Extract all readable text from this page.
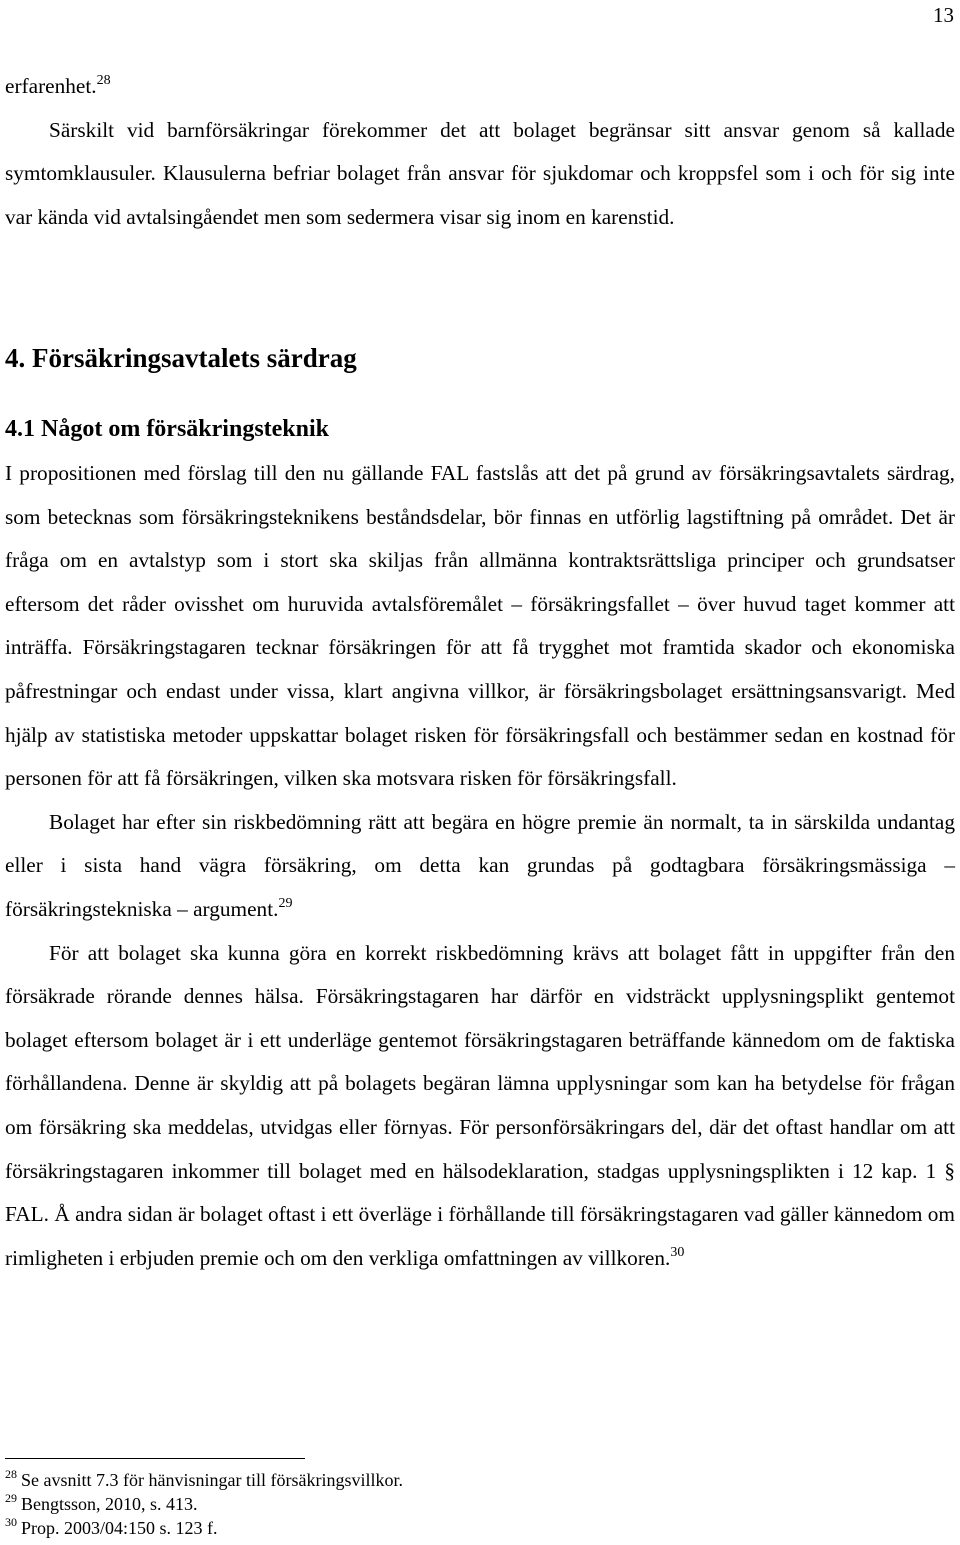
13

erfarenhet.$^{28}$

Särskilt vid barnförsäkringar förekommer det att bolaget begränsar sitt ansvar genom så kallade symtomklausuler. Klausulerna befriar bolaget från ansvar för sjukdomar och kroppsfel som i och för sig inte var kända vid avtalsingåendet men som sedermera visar sig inom en karenstid.

4. Försäkringsavtalets särdrag
4.1 Något om försäkringsteknik

I propositionen med förslag till den nu gällande FAL fastslås att det på grund av försäkringsavtalets särdrag, som betecknas som försäkringsteknikens beståndsdelar, bör finnas en utförlig lagstiftning på området. Det är fråga om en avtalstyp som i stort ska skiljas från allmänna kontraktsrättsliga principer och grundsatser eftersom det råder ovisshet om huruvida avtalsföremålet – försäkringsfallet – över huvud taget kommer att inträffa. Försäkringstagaren tecknar försäkringen för att få trygghet mot framtida skador och ekonomiska påfrestningar och endast under vissa, klart angivna villkor, är försäkringsbolaget ersättningsansvarigt. Med hjälp av statistiska metoder uppskattar bolaget risken för försäkringsfall och bestämmer sedan en kostnad för personen för att få försäkringen, vilken ska motsvara risken för försäkringsfall.

Bolaget har efter sin riskbedömning rätt att begära en högre premie än normalt, ta in särskilda undantag eller i sista hand vägra försäkring, om detta kan grundas på godtagbara försäkringsmässiga – försäkringstekniska – argument.$^{29}$

För att bolaget ska kunna göra en korrekt riskbedömning krävs att bolaget fått in uppgifter från den försäkrade rörande dennes hälsa. Försäkringstagaren har därför en vidsträckt upplysningsplikt gentemot bolaget eftersom bolaget är i ett underläge gentemot försäkringstagaren beträffande kännedom om de faktiska förhållandena. Denne är skyldig att på bolagets begäran lämna upplysningar som kan ha betydelse för frågan om försäkring ska meddelas, utvidgas eller förnyas. För personförsäkringars del, där det oftast handlar om att försäkringstagaren inkommer till bolaget med en hälsodeklaration, stadgas upplysningsplikten i 12 kap. 1 § FAL. Å andra sidan är bolaget oftast i ett överläge i förhållande till försäkringstagaren vad gäller kännedom om rimligheten i erbjuden premie och om den verkliga omfattningen av villkoren.$^{30}$

$^{28}$ Se avsnitt 7.3 för hänvisningar till försäkringsvillkor.

$^{29}$ Bengtsson, 2010, s. 413.

$^{30}$ Prop. 2003/04:150 s. 123 f.
